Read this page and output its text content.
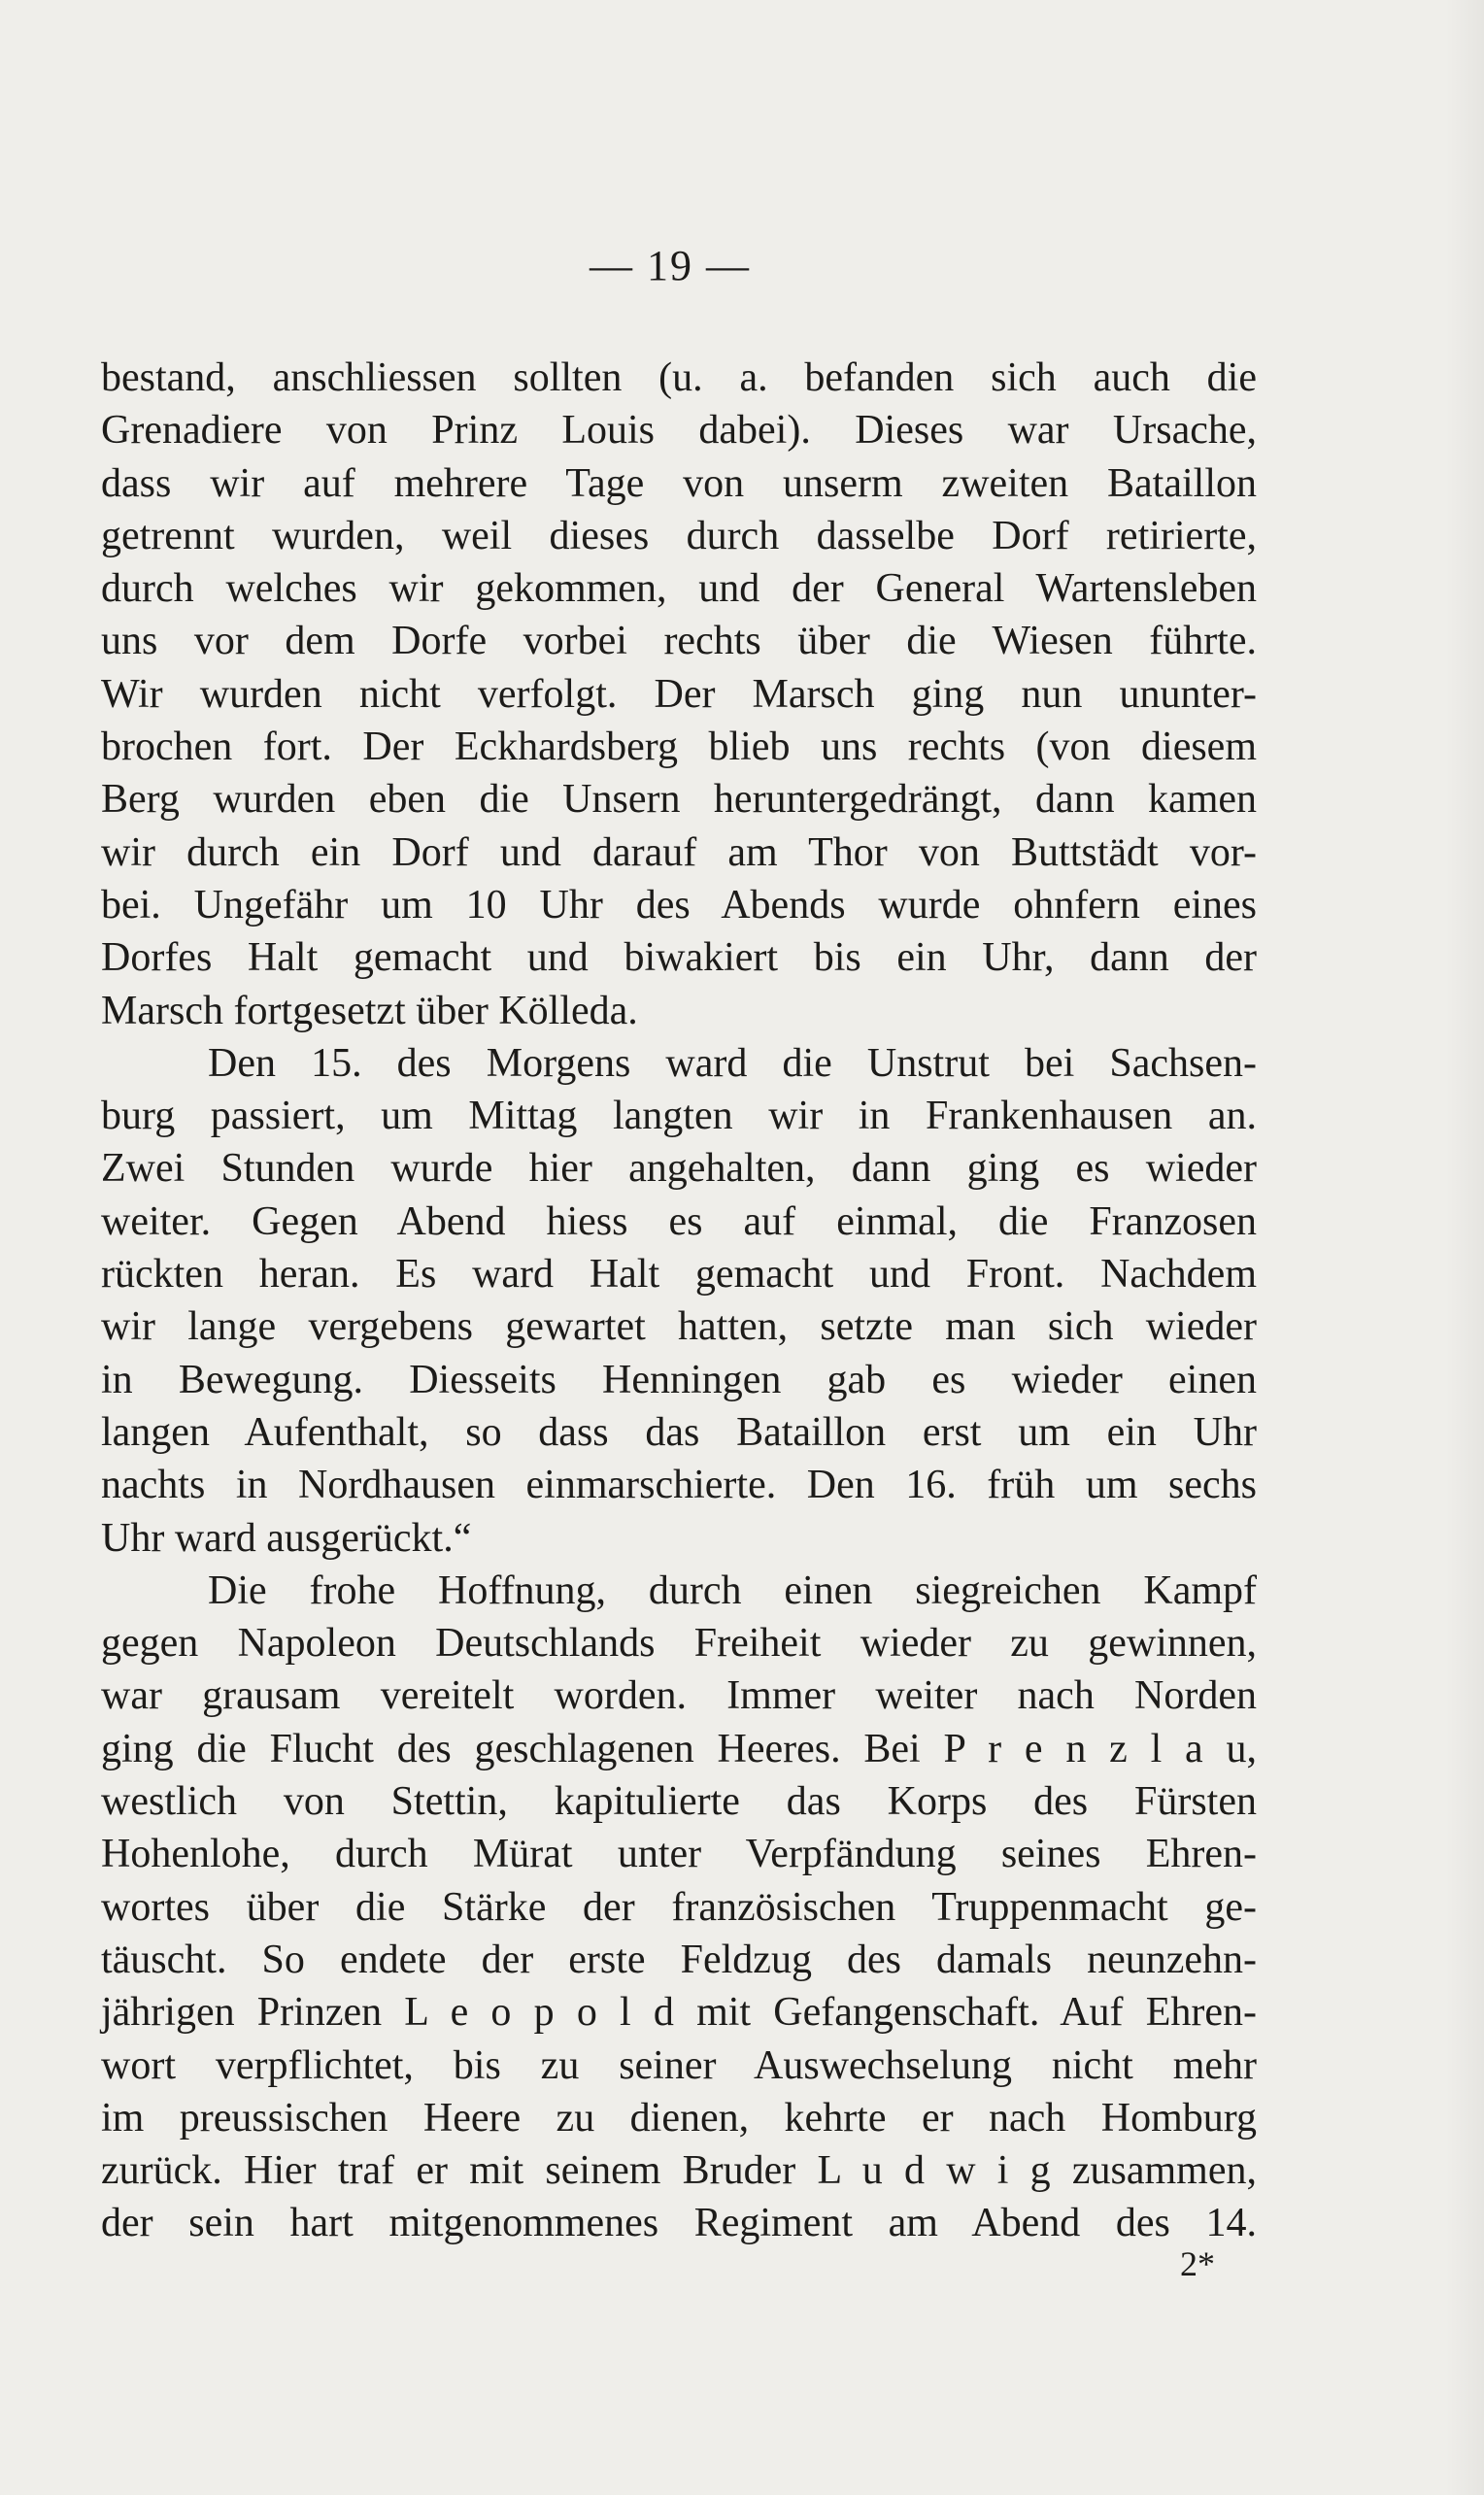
— 19 —
bestand, anschliessen sollten (u. a. befanden sich auch die
Grenadiere von Prinz Louis dabei). Dieses war Ursache,
dass wir auf mehrere Tage von unserm zweiten Bataillon
getrennt wurden, weil dieses durch dasselbe Dorf retirierte,
durch welches wir gekommen, und der General Wartensleben
uns vor dem Dorfe vorbei rechts über die Wiesen führte.
Wir wurden nicht verfolgt. Der Marsch ging nun ununter-
brochen fort. Der Eckhardsberg blieb uns rechts (von diesem
Berg wurden eben die Unsern heruntergedrängt, dann kamen
wir durch ein Dorf und darauf am Thor von Buttstädt vor-
bei. Ungefähr um 10 Uhr des Abends wurde ohnfern eines
Dorfes Halt gemacht und biwakiert bis ein Uhr, dann der
Marsch fortgesetzt über Kölleda.
Den 15. des Morgens ward die Unstrut bei Sachsen-
burg passiert, um Mittag langten wir in Frankenhausen an.
Zwei Stunden wurde hier angehalten, dann ging es wieder
weiter. Gegen Abend hiess es auf einmal, die Franzosen
rückten heran. Es ward Halt gemacht und Front. Nachdem
wir lange vergebens gewartet hatten, setzte man sich wieder
in Bewegung. Diesseits Henningen gab es wieder einen
langen Aufenthalt, so dass das Bataillon erst um ein Uhr
nachts in Nordhausen einmarschierte. Den 16. früh um sechs
Uhr ward ausgerückt.“
Die frohe Hoffnung, durch einen siegreichen Kampf
gegen Napoleon Deutschlands Freiheit wieder zu gewinnen,
war grausam vereitelt worden. Immer weiter nach Norden
ging die Flucht des geschlagenen Heeres. Bei P r e n z l a u,
westlich von Stettin, kapitulierte das Korps des Fürsten
Hohenlohe, durch Mürat unter Verpfändung seines Ehren-
wortes über die Stärke der französischen Truppenmacht ge-
täuscht. So endete der erste Feldzug des damals neunzehn-
jährigen Prinzen L e o p o l d mit Gefangenschaft. Auf Ehren-
wort verpflichtet, bis zu seiner Auswechselung nicht mehr
im preussischen Heere zu dienen, kehrte er nach Homburg
zurück. Hier traf er mit seinem Bruder L u d w i g zusammen,
der sein hart mitgenommenes Regiment am Abend des 14.
2*
